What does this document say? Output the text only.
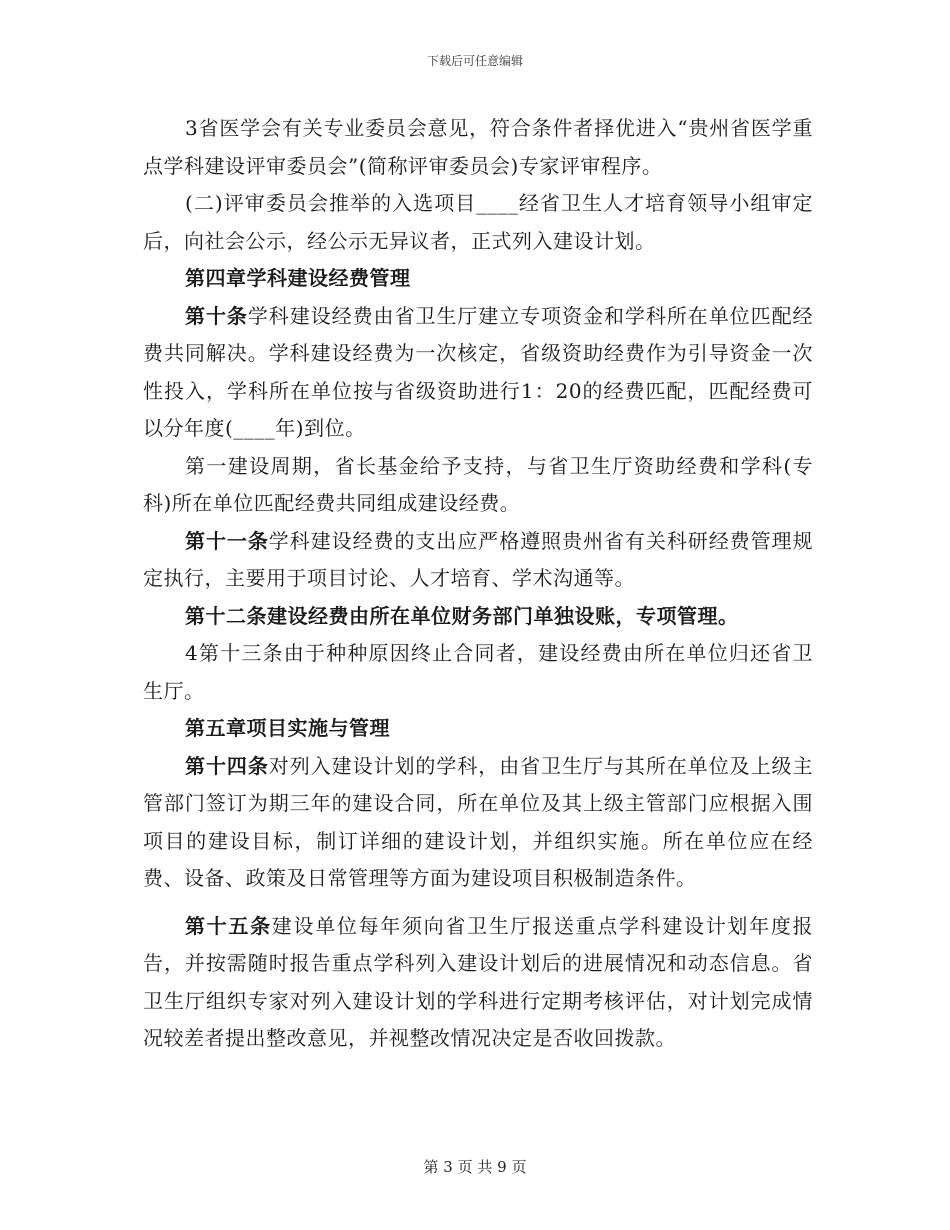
下载后可任意编辑

3省医学会有关专业委员会意见，符合条件者择优进入“贵州省医学重点学科建设评审委员会”(简称评审委员会)专家评审程序。

(二)评审委员会推举的入选项目____经省卫生人才培育领导小组审定后，向社会公示，经公示无异议者，正式列入建设计划。

第四章学科建设经费管理

第十条学科建设经费由省卫生厅建立专项资金和学科所在单位匹配经费共同解决。学科建设经费为一次核定，省级资助经费作为引导资金一次性投入，学科所在单位按与省级资助进行1：20的经费匹配，匹配经费可以分年度(____年)到位。

第一建设周期，省长基金给予支持，与省卫生厅资助经费和学科(专科)所在单位匹配经费共同组成建设经费。

第十一条学科建设经费的支出应严格遵照贵州省有关科研经费管理规定执行，主要用于项目讨论、人才培育、学术沟通等。

第十二条建设经费由所在单位财务部门单独设账，专项管理。

4第十三条由于种种原因终止合同者，建设经费由所在单位归还省卫生厅。

第五章项目实施与管理

第十四条对列入建设计划的学科，由省卫生厅与其所在单位及上级主管部门签订为期三年的建设合同，所在单位及其上级主管部门应根据入围项目的建设目标，制订详细的建设计划，并组织实施。所在单位应在经费、设备、政策及日常管理等方面为建设项目积极制造条件。

第十五条建设单位每年须向省卫生厅报送重点学科建设计划年度报告，并按需随时报告重点学科列入建设计划后的进展情况和动态信息。省卫生厅组织专家对列入建设计划的学科进行定期考核评估，对计划完成情况较差者提出整改意见，并视整改情况决定是否收回拨款。

第 3 页 共 9 页
